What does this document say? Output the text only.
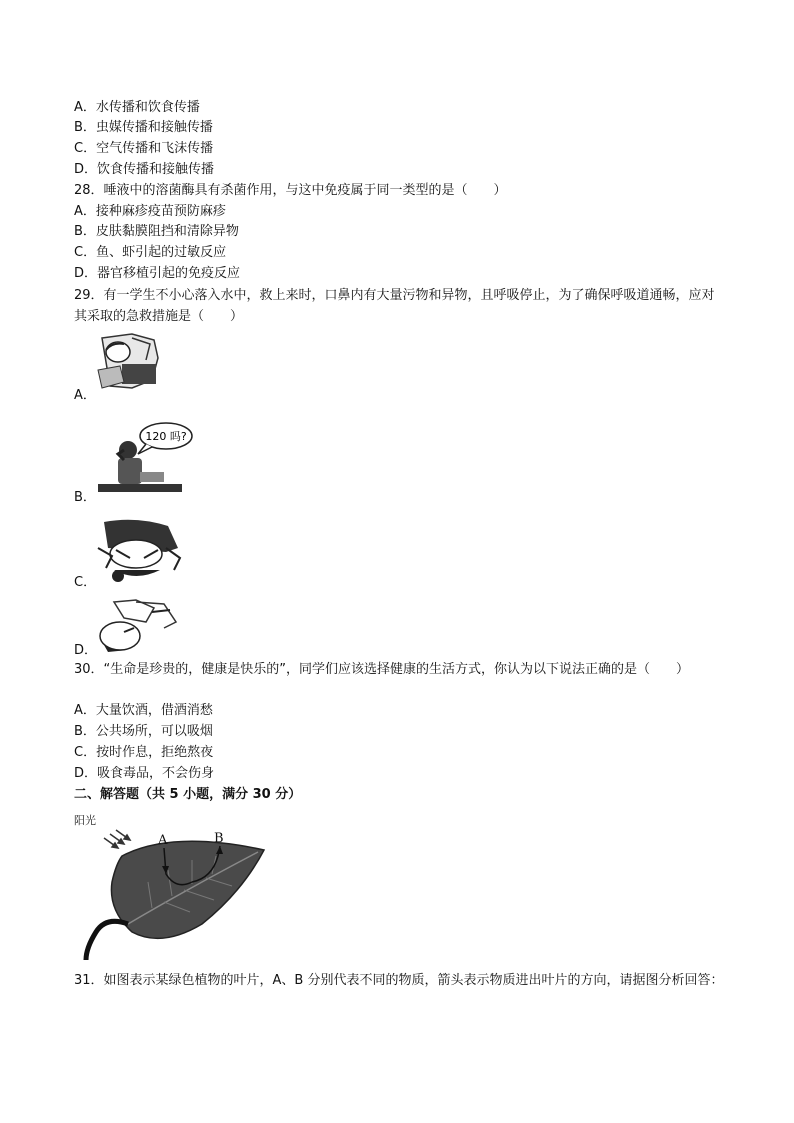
A．水传播和饮食传播
B．虫媒传播和接触传播
C．空气传播和飞沫传播
D．饮食传播和接触传播
28．唾液中的溶菌酶具有杀菌作用，与这中免疫属于同一类型的是（　　）
A．接种麻疹疫苗预防麻疹
B．皮肤黏膜阻挡和清除异物
C．鱼、虾引起的过敏反应
D．器官移植引起的免疫反应
29．有一学生不小心落入水中，救上来时，口鼻内有大量污物和异物，且呼吸停止，为了确保呼吸道通畅，应对其采取的急救措施是（　　）
A．
120 吗?
B．
C．
D．
30．“生命是珍贵的，健康是快乐的”，同学们应该选择健康的生活方式，你认为以下说法正确的是（　　）
A．大量饮酒，借酒消愁
B．公共场所，可以吸烟
C．按时作息，拒绝熬夜
D．吸食毒品，不会伤身
二、解答题（共 5 小题，满分 30 分）
阳光
A	B
31．如图表示某绿色植物的叶片，A、B 分别代表不同的物质，箭头表示物质进出叶片的方向，请据图分析回答：
